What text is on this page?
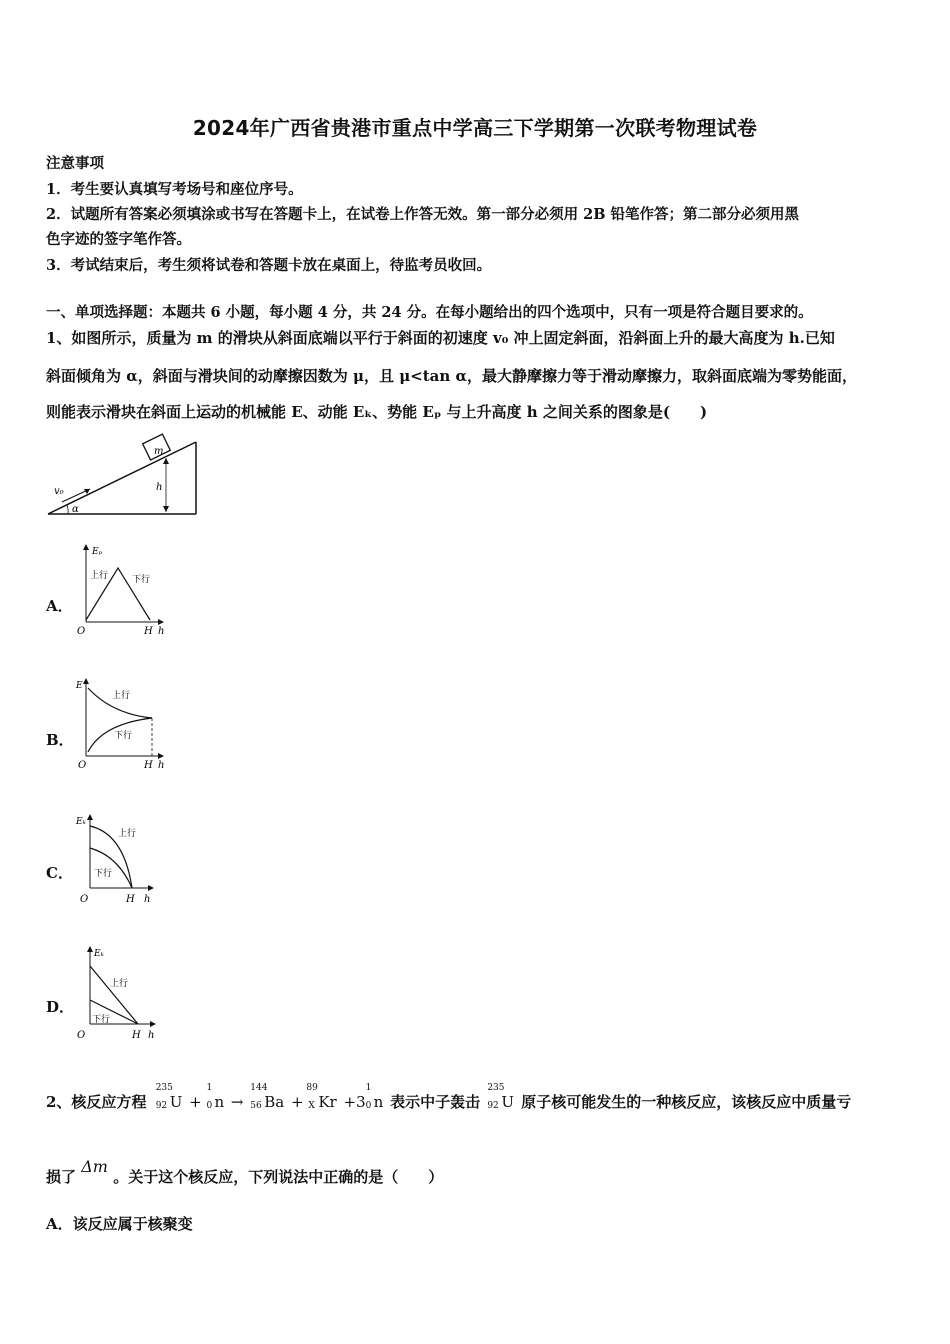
2024年广西省贵港市重点中学高三下学期第一次联考物理试卷
注意事项
1．考生要认真填写考场号和座位序号。
2．试题所有答案必须填涂或书写在答题卡上，在试卷上作答无效。第一部分必须用 2B 铅笔作答；第二部分必须用黑
色字迹的签字笔作答。
3．考试结束后，考生须将试卷和答题卡放在桌面上，待监考员收回。
一、单项选择题：本题共 6 小题，每小题 4 分，共 24 分。在每小题给出的四个选项中，只有一项是符合题目要求的。
1、如图所示，质量为 m 的滑块从斜面底端以平行于斜面的初速度 v₀ 冲上固定斜面，沿斜面上升的最大高度为 h.已知
斜面倾角为 α，斜面与滑块间的动摩擦因数为 μ，且 μ<tan α，最大静摩擦力等于滑动摩擦力，取斜面底端为零势能面，
则能表示滑块在斜面上运动的机械能 E、动能 Eₖ、势能 Eₚ 与上升高度 h 之间关系的图象是(　　)
m
v₀
α
h
A．
Eₚ
上行	下行
O	H h
B．
E
上行
下行
O	H h
C．
Eₖ
上行
下行
O	H h
D．
Eₖ
上行
下行
O	H h
2、核反应方程
235
92 U +
1
0 n →
144
56 Ba +
89
X Kr +3
1
0 n 表示中子轰击
235
92 U 原子核可能发生的一种核反应，该核反应中质量亏
损了 Δm 。关于这个核反应，下列说法中正确的是（　　）
A．该反应属于核聚变
